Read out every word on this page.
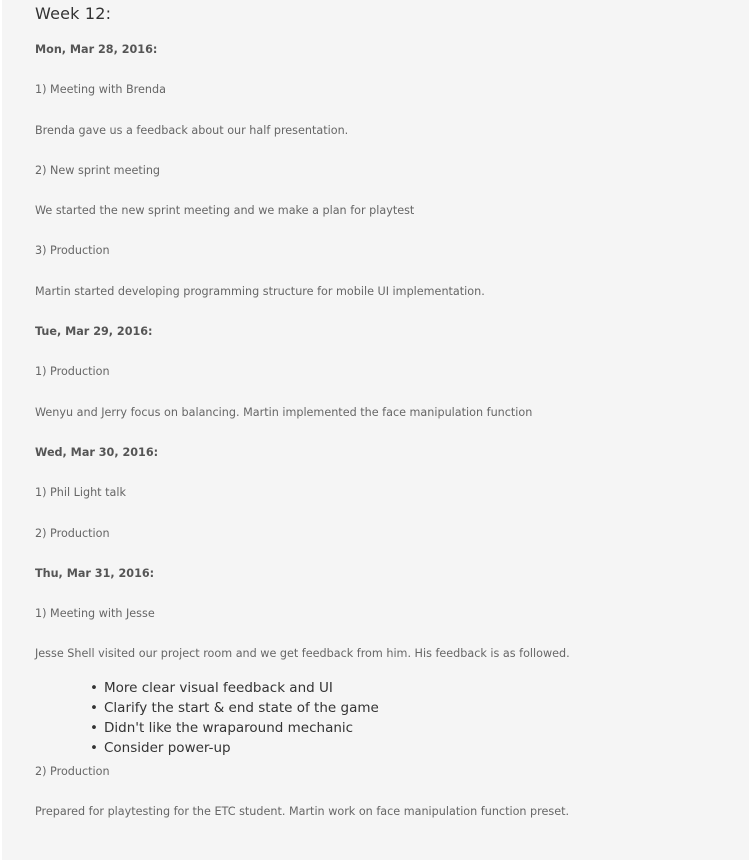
Week 12:

Mon, Mar 28, 2016:

1) Meeting with Brenda

Brenda gave us a feedback about our half presentation.

2) New sprint meeting

We started the new sprint meeting and we make a plan for playtest

3) Production

Martin started developing programming structure for mobile UI implementation.

Tue, Mar 29, 2016:

1) Production

Wenyu and Jerry focus on balancing. Martin implemented the face manipulation function

Wed, Mar 30, 2016:

1) Phil Light talk

2) Production

Thu, Mar 31, 2016:

1) Meeting with Jesse

Jesse Shell visited our project room and we get feedback from him. His feedback is as followed.

• More clear visual feedback and UI
• Clarify the start & end state of the game
• Didn't like the wraparound mechanic
• Consider power-up

2) Production

Prepared for playtesting for the ETC student. Martin work on face manipulation function preset.
